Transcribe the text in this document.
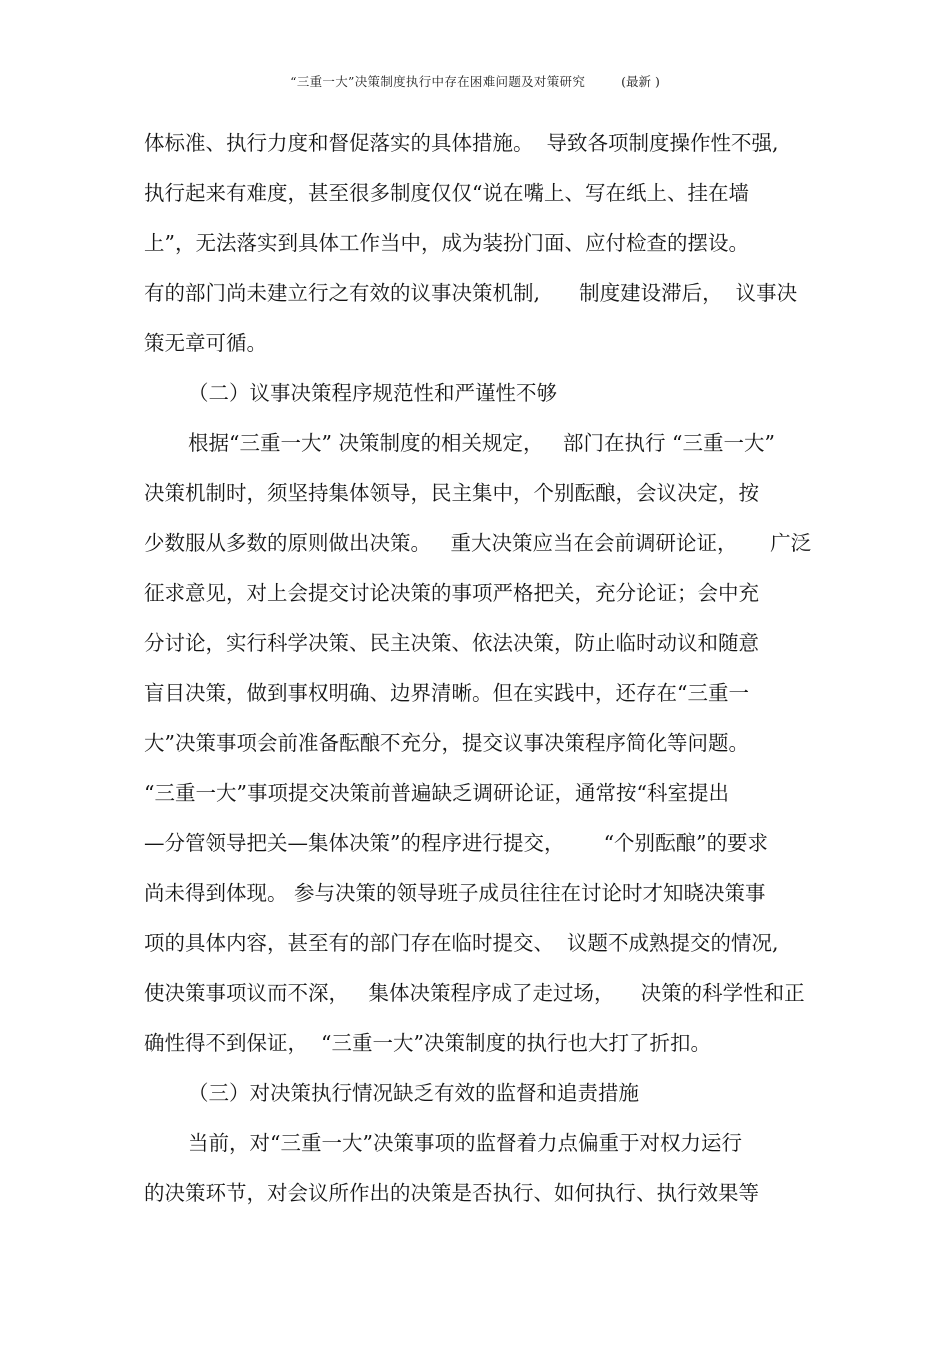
“三重一大”决策制度执行中存在困难问题及对策研究	(最新 )
体标准、执行力度和督促落实的具体措施。  导致各项制度操作性不强,
执行起来有难度，甚至很多制度仅仅“说在嘴上、写在纸上、挂在墙
上”，无法落实到具体工作当中，成为装扮门面、应付检查的摆设。
有的部门尚未建立行之有效的议事决策机制,      制度建设滞后，  议事决
策无章可循。
（二）议事决策程序规范性和严谨性不够
根据“三重一大” 决策制度的相关规定，   部门在执行 “三重一大”
决策机制时，须坚持集体领导，民主集中，个别酝酿，会议决定，按
少数服从多数的原则做出决策。   重大决策应当在会前调研论证，     广泛
征求意见，对上会提交讨论决策的事项严格把关，充分论证；会中充
分讨论，实行科学决策、民主决策、依法决策，防止临时动议和随意
盲目决策，做到事权明确、边界清晰。但在实践中，还存在“三重一
大”决策事项会前准备酝酿不充分，提交议事决策程序简化等问题。
“三重一大”事项提交决策前普遍缺乏调研论证，通常按“科室提出
—分管领导把关—集体决策”的程序进行提交，      “个别酝酿”的要求
尚未得到体现。 参与决策的领导班子成员往往在讨论时才知晓决策事
项的具体内容，甚至有的部门存在临时提交、  议题不成熟提交的情况,
使决策事项议而不深，   集体决策程序成了走过场，    决策的科学性和正
确性得不到保证，  “三重一大”决策制度的执行也大打了折扣。
（三）对决策执行情况缺乏有效的监督和追责措施
当前，对“三重一大”决策事项的监督着力点偏重于对权力运行
的决策环节，对会议所作出的决策是否执行、如何执行、执行效果等
